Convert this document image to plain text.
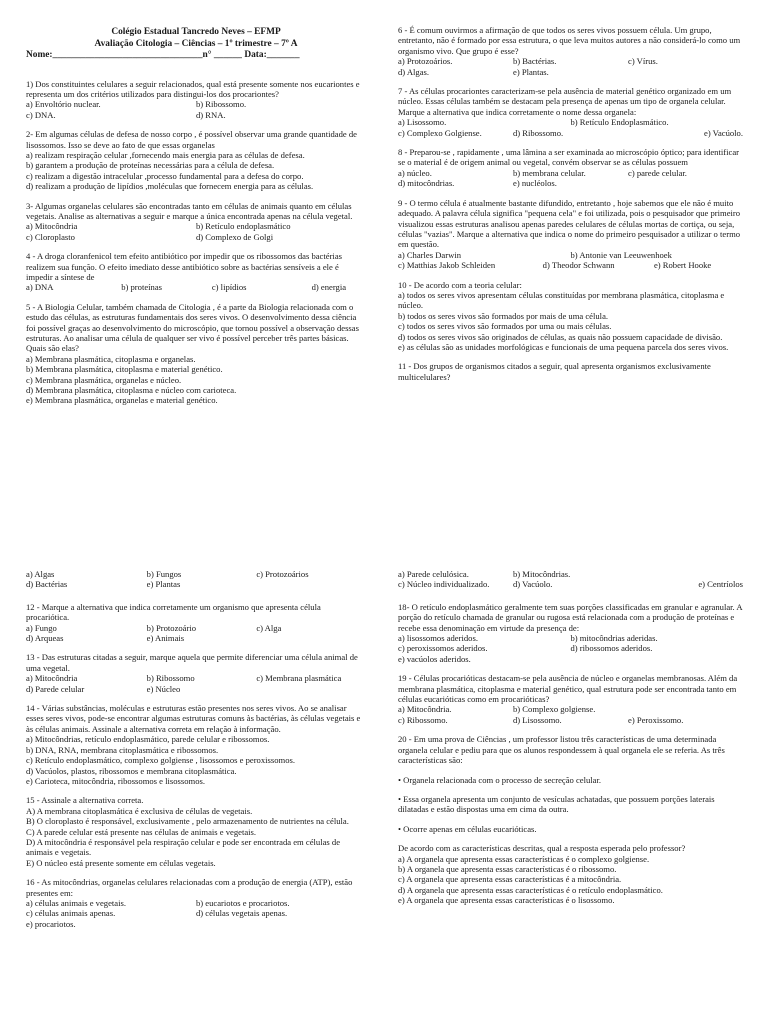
Colégio Estadual Tancredo Neves – EFMP
Avaliação Citologia – Ciências – 1º trimestre – 7º A
Nome:________________________________n° ______ Data:_______

1) Dos constituintes celulares a seguir relacionados, qual está presente somente nos eucariontes e representa um dos critérios utilizados para distingui-los dos procariontes?

a) Envoltório nuclear.	b) Ribossomo.
c) DNA.	d) RNA.

2- Em algumas células de defesa de nosso corpo , é possível observar uma grande quantidade de lisossomos. Isso se deve ao fato de que essas organelas

a) realizam respiração celular ,fornecendo mais energia para as células de defesa.
b) garantem a produção de proteínas necessárias para a célula de defesa.
c) realizam a digestão intracelular ,processo fundamental para a defesa do corpo.
d) realizam a produção de lipídios ,moléculas que fornecem energia para as células.

3- Algumas organelas celulares são encontradas tanto em células de animais quanto em células vegetais. Analise as alternativas a seguir e marque a única encontrada apenas na célula vegetal.

a) Mitocôndria	b) Retículo endoplasmático
c) Cloroplasto	d) Complexo de Golgi

4 - A droga cloranfenicol tem efeito antibiótico por impedir que os ribossomos das bactérias realizem sua função. O efeito imediato desse antibiótico sobre as bactérias sensíveis a ele é impedir a síntese de

a) DNA	b) proteínas	c) lipídios	d) energia

5 - A Biologia Celular, também chamada de Citologia , é a parte da Biologia relacionada com o estudo das células, as estruturas fundamentais dos seres vivos. O desenvolvimento dessa ciência foi possível graças ao desenvolvimento do microscópio, que tornou possível a observação dessas estruturas. Ao analisar uma célula de qualquer ser vivo é possível perceber três partes básicas. Quais são elas?

a) Membrana plasmática, citoplasma e organelas.
b) Membrana plasmática, citoplasma e material genético.
c) Membrana plasmática, organelas e núcleo.
d) Membrana plasmática, citoplasma e núcleo com carioteca.
e) Membrana plasmática, organelas e material genético.
a) Algas	b) Fungos	c) Protozoários
d) Bactérias	e) Plantas

12 - Marque a alternativa que indica corretamente um organismo que apresenta célula procariótica.

a) Fungo	b) Protozoário	c) Alga
d) Arqueas	e) Animais

13 - Das estruturas citadas a seguir, marque aquela que permite diferenciar uma célula animal de uma vegetal.

a) Mitocôndria	b) Ribossomo	c) Membrana plasmática
d) Parede celular	e) Núcleo

14 - Várias substâncias, moléculas e estruturas estão presentes nos seres vivos. Ao se analisar esses seres vivos, pode-se encontrar algumas estruturas comuns às bactérias, às células vegetais e às células animais. Assinale a alternativa correta em relação à informação.

a) Mitocôndrias, retículo endoplasmático, parede celular e ribossomos.
b) DNA, RNA, membrana citoplasmática e ribossomos.
c) Retículo endoplasmático, complexo golgiense , lisossomos e peroxissomos.
d) Vacúolos, plastos, ribossomos e membrana citoplasmática.
e) Carioteca, mitocôndria, ribossomos e lisossomos.

15 - Assinale a alternativa correta.

A) A membrana citoplasmática é exclusiva de células de vegetais.
B) O cloroplasto é responsável, exclusivamente , pelo armazenamento de nutrientes na célula.
C) A parede celular está presente nas células de animais e vegetais.
D) A mitocôndria é responsável pela respiração celular e pode ser encontrada em células de animais e vegetais.
E) O núcleo está presente somente em células vegetais.

16 - As mitocôndrias, organelas celulares relacionadas com a produção de energia (ATP), estão presentes em:

a) células animais e vegetais.	b) eucariotos e procariotos.
c) células animais apenas.	d) células vegetais apenas.
e) procariotos.

6 - É comum ouvirmos a afirmação de que todos os seres vivos possuem célula. Um grupo, entretanto, não é formado por essa estrutura, o que leva muitos autores a não considerá-lo como um organismo vivo. Que grupo é esse?

a) Protozoários.	b) Bactérias.	c) Vírus.
d) Algas.	e) Plantas.

7 - As células procariontes caracterizam-se pela ausência de material genético organizado em um núcleo. Essas células também se destacam pela presença de apenas um tipo de organela celular. Marque a alternativa que indica corretamente o nome dessa organela:

a) Lisossomo.	b) Retículo Endoplasmático.
c) Complexo Golgiense.	d) Ribossomo.	e) Vacúolo.

8 - Preparou-se , rapidamente , uma lâmina a ser examinada ao microscópio óptico; para identificar se o material é de origem animal ou vegetal, convém observar se as células possuem

a) núcleo.	b) membrana celular.	c) parede celular.
d) mitocôndrias.	e) nucléolos.

9 - O termo célula é atualmente bastante difundido, entretanto , hoje sabemos que ele não é muito adequado. A palavra célula significa "pequena cela" e foi utilizada, pois o pesquisador que primeiro visualizou essas estruturas analisou apenas paredes celulares de células mortas de cortiça, ou seja, células "vazias". Marque a alternativa que indica o nome do primeiro pesquisador a utilizar o termo em questão.

a) Charles Darwin	b) Antonie van Leeuwenhoek
c) Matthias Jakob Schleiden	d) Theodor Schwann	e) Robert Hooke

10 - De acordo com a teoria celular:

a) todos os seres vivos apresentam células constituídas por membrana plasmática, citoplasma e núcleo.
b) todos os seres vivos são formados por mais de uma célula.
c) todos os seres vivos são formados por uma ou mais células.
d) todos os seres vivos são originados de células, as quais não possuem capacidade de divisão.
e) as células são as unidades morfológicas e funcionais de uma pequena parcela dos seres vivos.

11 - Dos grupos de organismos citados a seguir, qual apresenta organismos exclusivamente multicelulares?

a) Parede celulósica.	b) Mitocôndrias.
c) Núcleo individualizado.	d) Vacúolo.	e) Centríolos

18- O retículo endoplasmático geralmente tem suas porções classificadas em granular e agranular. A porção do retículo chamada de granular ou rugosa está relacionada com a produção de proteínas e recebe essa denominação em virtude da presença de:

a) lisossomos aderidos.	b) mitocôndrias aderidas.
c) peroxissomos aderidos.	d) ribossomos aderidos.
e) vacúolos aderidos.

19 - Células procarióticas destacam-se pela ausência de núcleo e organelas membranosas. Além da membrana plasmática, citoplasma e material genético, qual estrutura pode ser encontrada tanto em células eucarióticas como em procarióticas?

a) Mitocôndria.	b) Complexo golgiense.
c) Ribossomo.	d) Lisossomo.	e) Peroxissomo.

20 - Em uma prova de Ciências , um professor listou três características de uma determinada organela celular e pediu para que os alunos respondessem à qual organela ele se referia. As três características são:

• Organela relacionada com o processo de secreção celular.
• Essa organela apresenta um conjunto de vesículas achatadas, que possuem porções laterais dilatadas e estão dispostas uma em cima da outra.
• Ocorre apenas em células eucarióticas.
De acordo com as características descritas, qual a resposta esperada pelo professor?
a) A organela que apresenta essas características é o complexo golgiense.
b) A organela que apresenta essas características é o ribossomo.
c) A organela que apresenta essas características é a mitocôndria.
d) A organela que apresenta essas características é o retículo endoplasmático.
e) A organela que apresenta essas características é o lisossomo.
